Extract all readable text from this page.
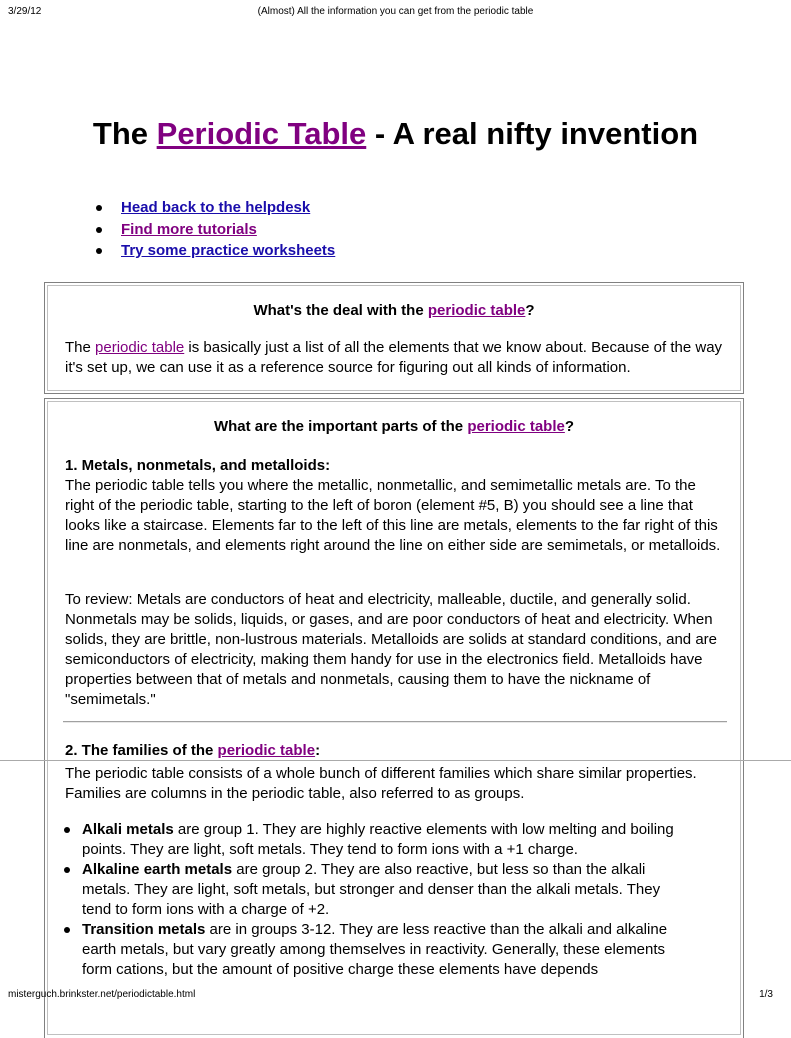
3/29/12	(Almost) All the information you can get from the periodic table
The Periodic Table - A real nifty invention
Head back to the helpdesk
Find more tutorials
Try some practice worksheets
What's the deal with the periodic table?

The periodic table is basically just a list of all the elements that we know about. Because of the way it's set up, we can use it as a reference source for figuring out all kinds of information.

What are the important parts of the periodic table?
1. Metals, nonmetals, and metalloids:

The periodic table tells you where the metallic, nonmetallic, and semimetallic metals are. To the right of the periodic table, starting to the left of boron (element #5, B) you should see a line that looks like a staircase. Elements far to the left of this line are metals, elements to the far right of this line are nonmetals, and elements right around the line on either side are semimetals, or metalloids.

To review: Metals are conductors of heat and electricity, malleable, ductile, and generally solid. Nonmetals may be solids, liquids, or gases, and are poor conductors of heat and electricity. When solids, they are brittle, non-lustrous materials. Metalloids are solids at standard conditions, and are semiconductors of electricity, making them handy for use in the electronics field. Metalloids have properties between that of metals and nonmetals, causing them to have the nickname of "semimetals."

2. The families of the periodic table:

The periodic table consists of a whole bunch of different families which share similar properties. Families are columns in the periodic table, also referred to as groups.

Alkali metals are group 1. They are highly reactive elements with low melting and boiling points. They are light, soft metals. They tend to form ions with a +1 charge.
Alkaline earth metals are group 2. They are also reactive, but less so than the alkali metals. They are light, soft metals, but stronger and denser than the alkali metals. They tend to form ions with a charge of +2.
Transition metals are in groups 3-12. They are less reactive than the alkali and alkaline earth metals, but vary greatly among themselves in reactivity. Generally, these elements form cations, but the amount of positive charge these elements have depends
misterguch.brinkster.net/periodictable.html	1/3
